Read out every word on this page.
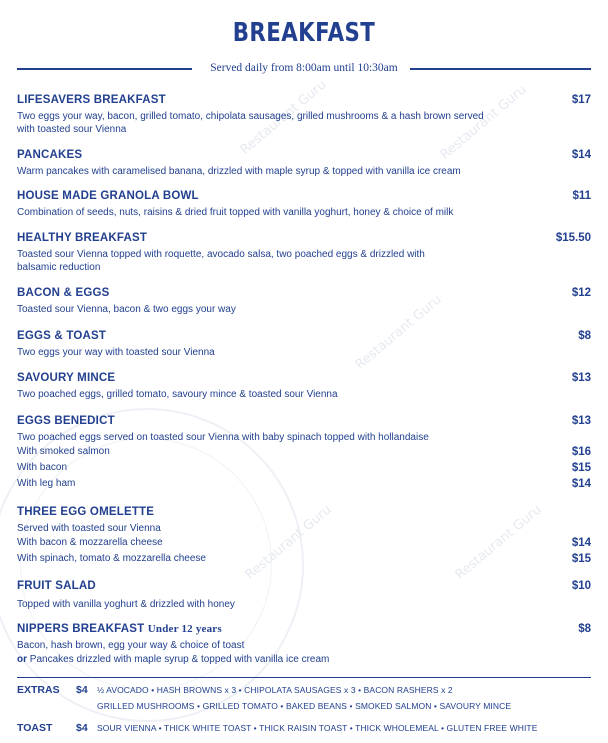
Restaurant Guru	Restaurant Guru
Restaurant Guru
Restaurant Guru	Restaurant Guru
BREAKFAST
Served daily from 8:00am until 10:30am
LIFESAVERS BREAKFAST	$17
Two eggs your way, bacon, grilled tomato, chipolata sausages, grilled mushrooms & a hash brown served with toasted sour Vienna
PANCAKES	$14
Warm pancakes with caramelised banana, drizzled with maple syrup & topped with vanilla ice cream
HOUSE MADE GRANOLA BOWL	$11
Combination of seeds, nuts, raisins & dried fruit topped with vanilla yoghurt, honey & choice of milk
HEALTHY BREAKFAST	$15.50
Toasted sour Vienna topped with roquette, avocado salsa, two poached eggs & drizzled with balsamic reduction
BACON & EGGS	$12
Toasted sour Vienna, bacon & two eggs your way
EGGS & TOAST	$8
Two eggs your way with toasted sour Vienna
SAVOURY MINCE	$13
Two poached eggs, grilled tomato, savoury mince & toasted sour Vienna
EGGS BENEDICT	$13
Two poached eggs served on toasted sour Vienna with baby spinach topped with hollandaise
With smoked salmon	$16
With bacon	$15
With leg ham	$14
THREE EGG OMELETTE
Served with toasted sour Vienna
With bacon & mozzarella cheese	$14
With spinach, tomato & mozzarella cheese	$15
FRUIT SALAD	$10
Topped with vanilla yoghurt & drizzled with honey
NIPPERS BREAKFAST Under 12 years	$8
Bacon, hash brown, egg your way & choice of toast
or Pancakes drizzled with maple syrup & topped with vanilla ice cream
EXTRAS $4 ½ AVOCADO • HASH BROWNS x 3 • CHIPOLATA SAUSAGES x 3 • BACON RASHERS x 2
GRILLED MUSHROOMS • GRILLED TOMATO • BAKED BEANS • SMOKED SALMON • SAVOURY MINCE
TOAST $4 SOUR VIENNA • THICK WHITE TOAST • THICK RAISIN TOAST • THICK WHOLEMEAL • GLUTEN FREE WHITE
